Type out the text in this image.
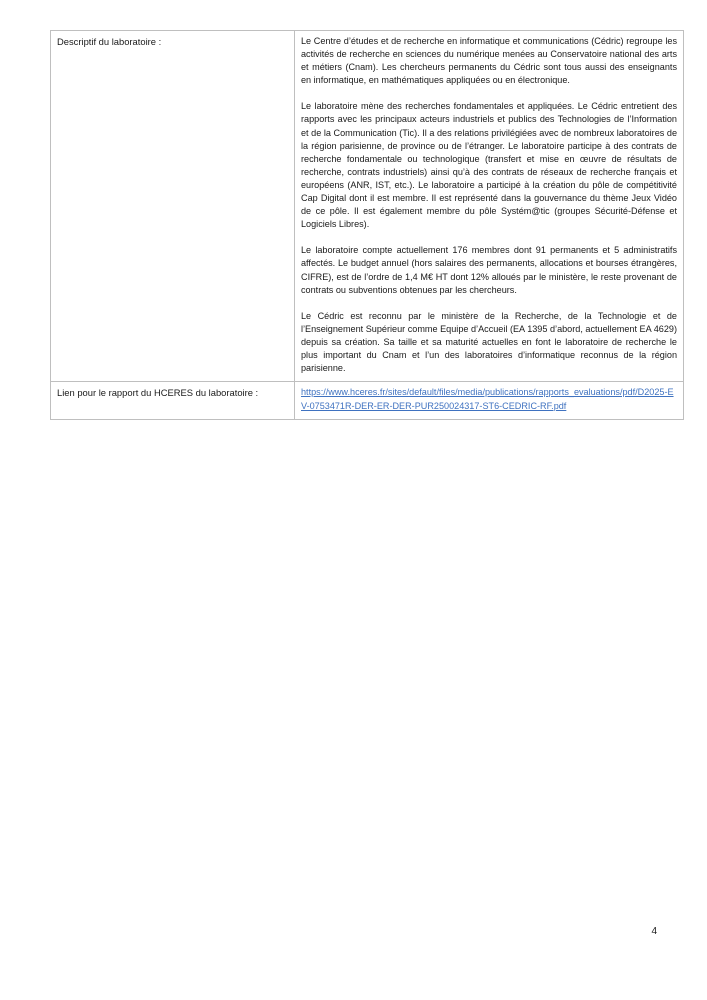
Descriptif du laboratoire :	Le Centre d’études et de recherche en informatique et communications (Cédric) regroupe les activités de recherche en sciences du numérique menées au Conservatoire national des arts et métiers (Cnam). Les chercheurs permanents du Cédric sont tous aussi des enseignants en informatique, en mathématiques appliquées ou en électronique.

Le laboratoire mène des recherches fondamentales et appliquées. Le Cédric entretient des rapports avec les principaux acteurs industriels et publics des Technologies de l’Information et de la Communication (Tic). Il a des relations privilégiées avec de nombreux laboratoires de la région parisienne, de province ou de l’étranger. Le laboratoire participe à des contrats de recherche fondamentale ou technologique (transfert et mise en œuvre de résultats de recherche, contrats industriels) ainsi qu’à des contrats de réseaux de recherche français et européens (ANR, IST, etc.). Le laboratoire a participé à la création du pôle de compétitivité Cap Digital dont il est membre. Il est représenté dans la gouvernance du thème Jeux Vidéo de ce pôle. Il est également membre du pôle Systém@tic (groupes Sécurité-Défense et Logiciels Libres).

Le laboratoire compte actuellement 176 membres dont 91 permanents et 5 administratifs affectés. Le budget annuel (hors salaires des permanents, allocations et bourses étrangères, CIFRE), est de l’ordre de 1,4 M€ HT dont 12% alloués par le ministère, le reste provenant de contrats ou subventions obtenues par les chercheurs.

Le Cédric est reconnu par le ministère de la Recherche, de la Technologie et de l’Enseignement Supérieur comme Equipe d’Accueil (EA 1395 d’abord, actuellement EA 4629) depuis sa création. Sa taille et sa maturité actuelles en font le laboratoire de recherche le plus important du Cnam et l’un des laboratoires d’informatique reconnus de la région parisienne.

Lien pour le rapport du HCERES du laboratoire :	https://www.hceres.fr/sites/default/files/media/publications/rapports_evaluations/pdf/D2025-EV-0753471R-DER-ER-DER-PUR250024317-ST6-CEDRIC-RF.pdf
4
